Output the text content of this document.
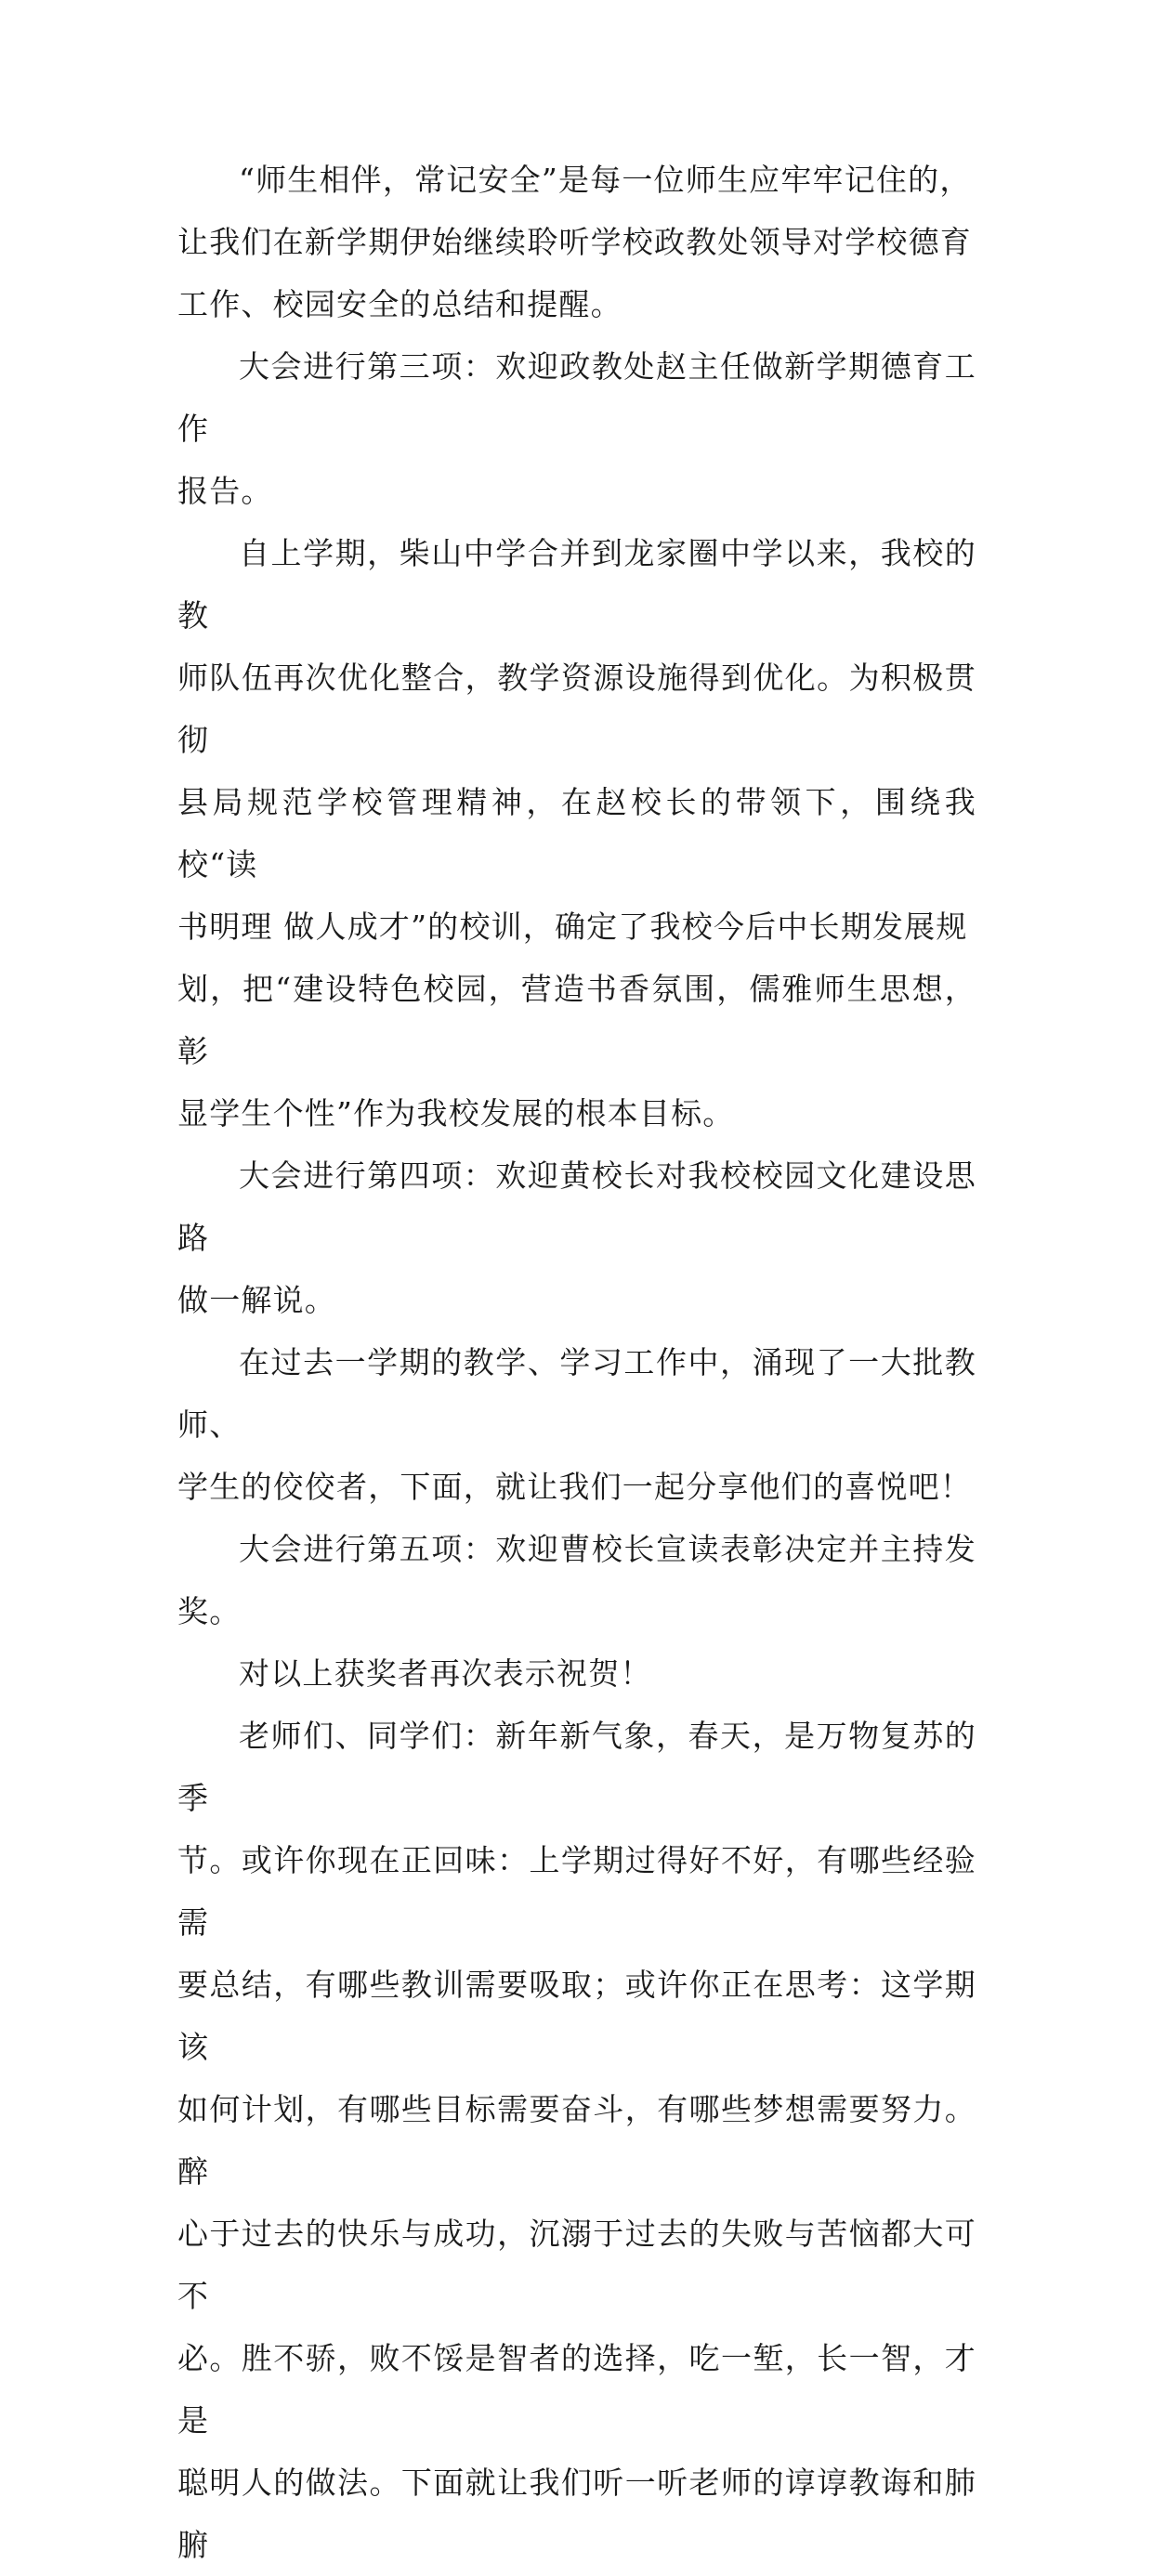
“师生相伴，常记安全”是每一位师生应牢牢记住的，
让我们在新学期伊始继续聆听学校政教处领导对学校德育
工作、校园安全的总结和提醒。

大会进行第三项：欢迎政教处赵主任做新学期德育工作
报告。

自上学期，柴山中学合并到龙家圈中学以来，我校的教
师队伍再次优化整合，教学资源设施得到优化。为积极贯彻
县局规范学校管理精神，在赵校长的带领下，围绕我校“读
书明理 做人成才”的校训，确定了我校今后中长期发展规
划，把“建设特色校园，营造书香氛围，儒雅师生思想，彰
显学生个性”作为我校发展的根本目标。

大会进行第四项：欢迎黄校长对我校校园文化建设思路
做一解说。

在过去一学期的教学、学习工作中，涌现了一大批教师、
学生的佼佼者，下面，就让我们一起分享他们的喜悦吧！

大会进行第五项：欢迎曹校长宣读表彰决定并主持发奖。

对以上获奖者再次表示祝贺！

老师们、同学们：新年新气象，春天，是万物复苏的季
节。或许你现在正回味：上学期过得好不好，有哪些经验需
要总结，有哪些教训需要吸取；或许你正在思考：这学期该
如何计划，有哪些目标需要奋斗，有哪些梦想需要努力。醉
心于过去的快乐与成功，沉溺于过去的失败与苦恼都大可不
必。胜不骄，败不馁是智者的选择，吃一堑，长一智，才是
聪明人的做法。下面就让我们听一听老师的谆谆教诲和肺腑
